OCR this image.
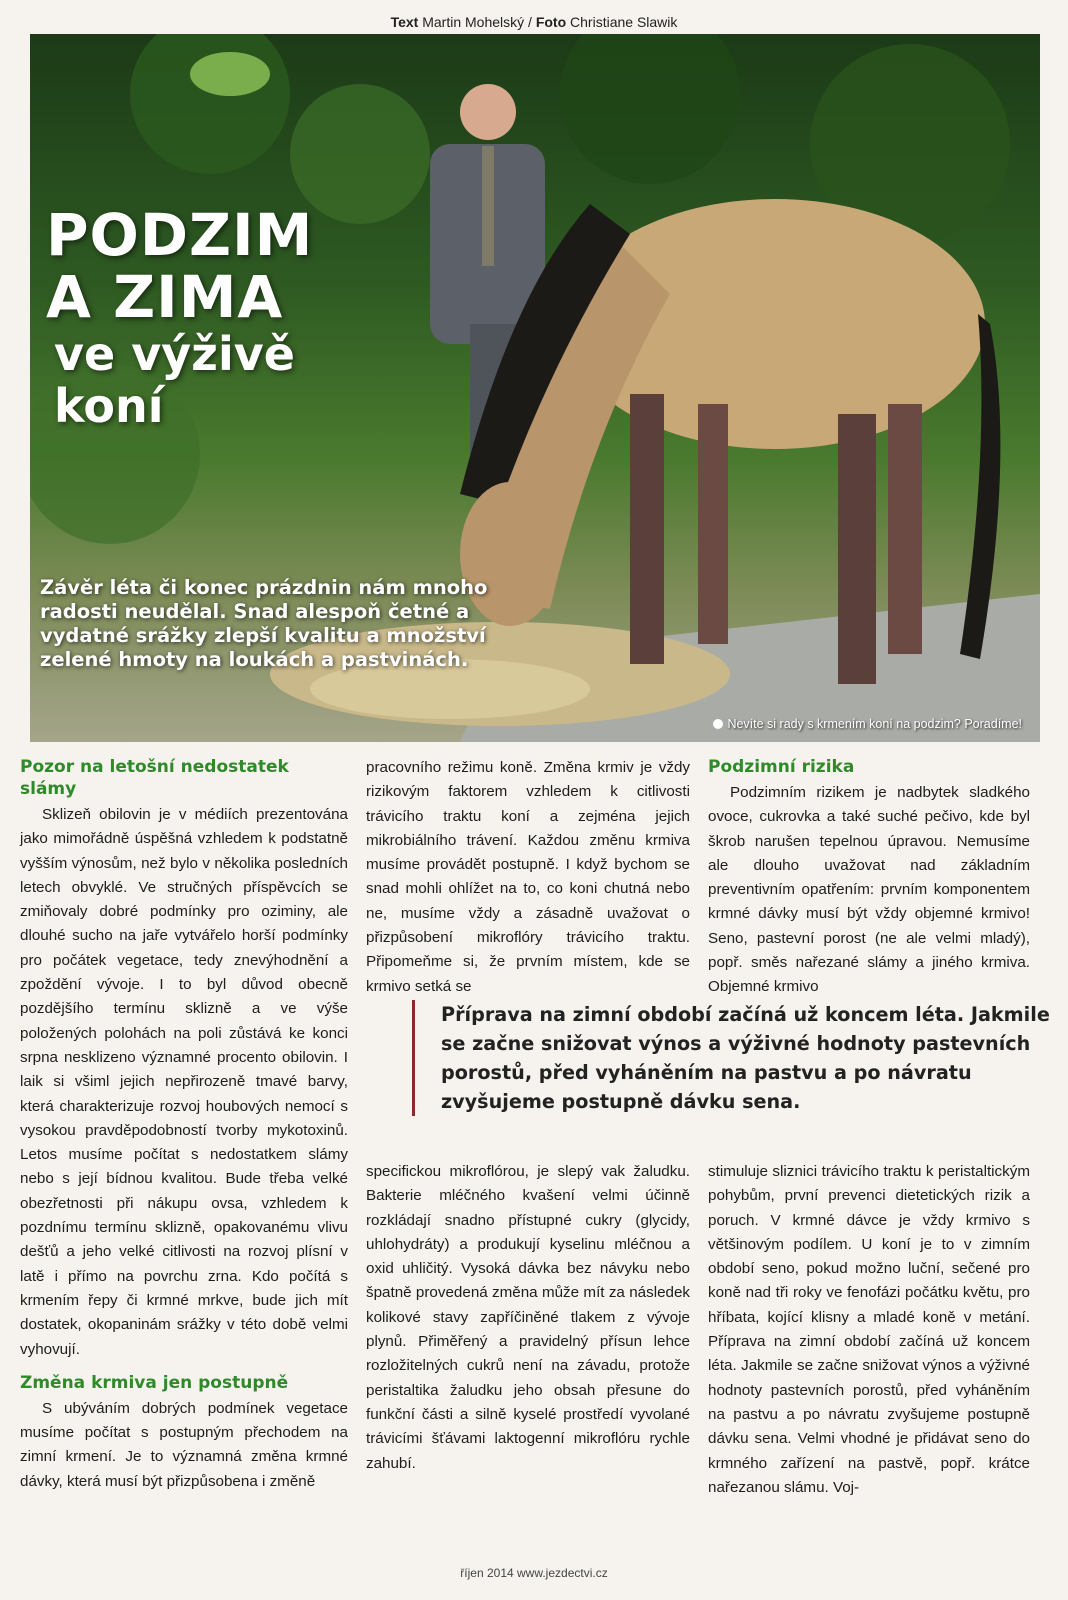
Text Martin Mohelský / Foto Christiane Slawik
PODZIM
A ZIMA
ve výživě
koní
Závěr léta či konec prázdnin nám mnoho radosti neudělal. Snad alespoň četné a vydatné srážky zlepší kvalitu a množství zelené hmoty na loukách a pastvinách.
Nevíte si rady s krmením koní na podzim? Poradíme!
Pozor na letošní nedostatek slámy

Sklizeň obilovin je v médiích prezentována jako mimořádně úspěšná vzhledem k podstatně vyšším výnosům, než bylo v několika posledních letech obvyklé. Ve stručných příspěvcích se zmiňovaly dobré podmínky pro oziminy, ale dlouhé sucho na jaře vytvářelo horší podmínky pro počátek vegetace, tedy znevýhodnění a zpoždění vývoje. I to byl důvod obecně pozdějšího termínu sklizně a ve výše položených polohách na poli zůstává ke konci srpna nesklizeno významné procento obilovin. I laik si všiml jejich nepřirozeně tmavé barvy, která charakterizuje rozvoj houbových nemocí s vysokou pravděpodobností tvorby mykotoxinů. Letos musíme počítat s nedostatkem slámy nebo s její bídnou kvalitou. Bude třeba velké obezřetnosti při nákupu ovsa, vzhledem k pozdnímu termínu sklizně, opakovanému vlivu dešťů a jeho velké citlivosti na rozvoj plísní v latě i přímo na povrchu zrna. Kdo počítá s krmením řepy či krmné mrkve, bude jich mít dostatek, okopaninám srážky v této době velmi vyhovují.

Změna krmiva jen postupně

S ubýváním dobrých podmínek vegetace musíme počítat s postupným přechodem na zimní krmení. Je to významná změna krmné dávky, která musí být přizpůsobena i změně

pracovního režimu koně. Změna krmiv je vždy rizikovým faktorem vzhledem k citlivosti trávicího traktu koní a zejména jejich mikrobiálního trávení. Každou změnu krmiva musíme provádět postupně. I když bychom se snad mohli ohlížet na to, co koni chutná nebo ne, musíme vždy a zásadně uvažovat o přizpůsobení mikroflóry trávicího traktu. Připomeňme si, že prvním místem, kde se krmivo setká se

specifickou mikroflórou, je slepý vak žaludku. Bakterie mléčného kvašení velmi účinně rozkládají snadno přístupné cukry (glycidy, uhlohydráty) a produkují kyselinu mléčnou a oxid uhličitý. Vysoká dávka bez návyku nebo špatně provedená změna může mít za následek kolikové stavy zapříčiněné tlakem z vývoje plynů. Přiměřený a pravidelný přísun lehce rozložitelných cukrů není na závadu, protože peristaltika žaludku jeho obsah přesune do funkční části a silně kyselé prostředí vyvolané trávicími šťávami laktogenní mikroflóru rychle zahubí.

Podzimní rizika

Podzimním rizikem je nadbytek sladkého ovoce, cukrovka a také suché pečivo, kde byl škrob narušen tepelnou úpravou. Nemusíme ale dlouho uvažovat nad základním preventivním opatřením: prvním komponentem krmné dávky musí být vždy objemné krmivo! Seno, pastevní porost (ne ale velmi mladý), popř. směs nařezané slámy a jiného krmiva. Objemné krmivo

stimuluje sliznici trávicího traktu k peristaltickým pohybům, první prevenci dietetických rizik a poruch. V krmné dávce je vždy krmivo s většinovým podílem. U koní je to v zimním období seno, pokud možno luční, sečené pro koně nad tři roky ve fenofázi počátku květu, pro hříbata, kojící klisny a mladé koně v metání. Příprava na zimní období začíná už koncem léta. Jakmile se začne snižovat výnos a výživné hodnoty pastevních porostů, před vyháněním na pastvu a po návratu zvyšujeme postupně dávku sena. Velmi vhodné je přidávat seno do krmného zařízení na pastvě, popř. krátce nařezanou slámu. Voj-

Příprava na zimní období začíná už koncem léta. Jakmile se začne snižovat výnos a výživné hodnoty pastevních porostů, před vyháněním na pastvu a po návratu zvyšujeme postupně dávku sena.
říjen 2014 www.jezdectvi.cz
